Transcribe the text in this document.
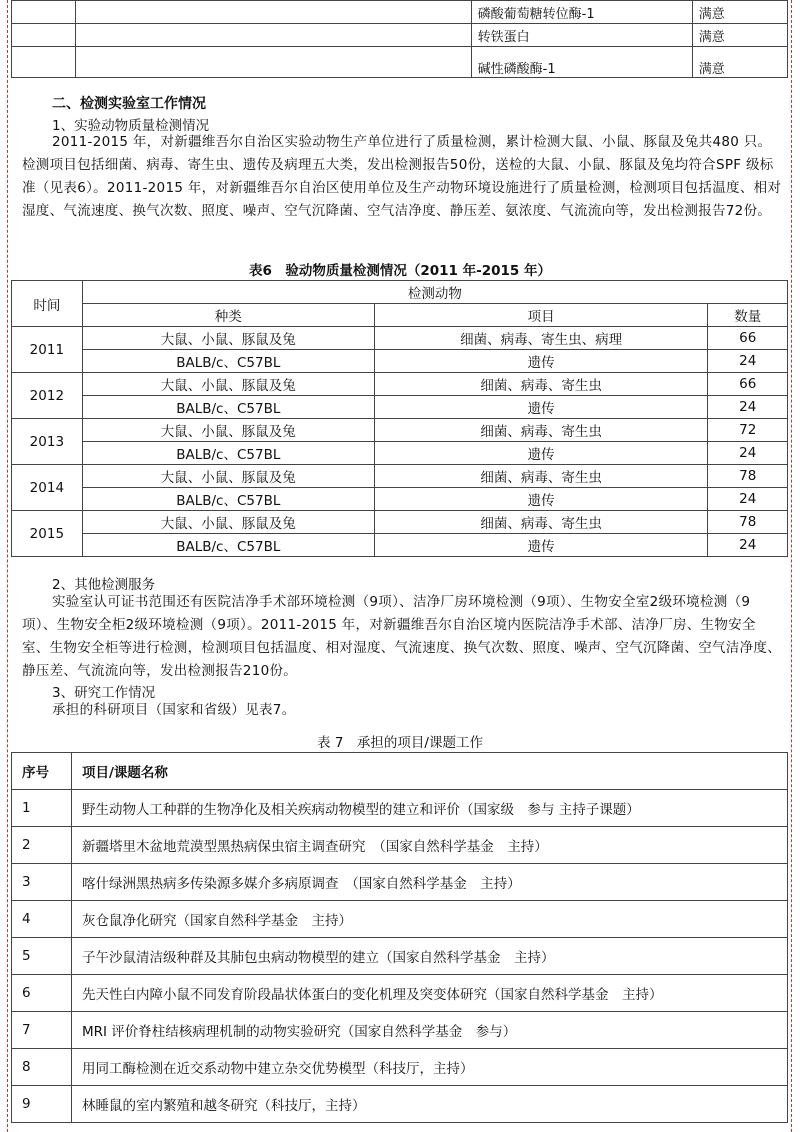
		磷酸葡萄糖转位酶-1	满意
		转铁蛋白	满意
		碱性磷酸酶-1	满意
二、检测实验室工作情况
1、实验动物质量检测情况
2011-2015 年，对新疆维吾尔自治区实验动物生产单位进行了质量检测，累计检测大鼠、小鼠、豚鼠及兔共480 只。检测项目包括细菌、病毒、寄生虫、遗传及病理五大类，发出检测报告50份，送检的大鼠、小鼠、豚鼠及兔均符合SPF 级标准（见表6）。2011-2015 年，对新疆维吾尔自治区使用单位及生产动物环境设施进行了质量检测，检测项目包括温度、相对湿度、气流速度、换气次数、照度、噪声、空气沉降菌、空气洁净度、静压差、氨浓度、气流流向等，发出检测报告72份。
表6　验动物质量检测情况（2011 年-2015 年）
时间	检测动物		
	种类	项目	数量
2011	大鼠、小鼠、豚鼠及兔	细菌、病毒、寄生虫、病理	66
	BALB/c、C57BL	遗传	24
2012	大鼠、小鼠、豚鼠及兔	细菌、病毒、寄生虫	66
	BALB/c、C57BL	遗传	24
2013	大鼠、小鼠、豚鼠及兔	细菌、病毒、寄生虫	72
	BALB/c、C57BL	遗传	24
2014	大鼠、小鼠、豚鼠及兔	细菌、病毒、寄生虫	78
	BALB/c、C57BL	遗传	24
2015	大鼠、小鼠、豚鼠及兔	细菌、病毒、寄生虫	78
	BALB/c、C57BL	遗传	24
2、其他检测服务
实验室认可证书范围还有医院洁净手术部环境检测（9项）、洁净厂房环境检测（9项）、生物安全室2级环境检测（9项）、生物安全柜2级环境检测（9项）。2011-2015 年，对新疆维吾尔自治区境内医院洁净手术部、洁净厂房、生物安全室、生物安全柜等进行检测，检测项目包括温度、相对湿度、气流速度、换气次数、照度、噪声、空气沉降菌、空气洁净度、静压差、气流流向等，发出检测报告210份。
3、研究工作情况
承担的科研项目（国家和省级）见表7。
表 7　承担的项目/课题工作
序号	项目/课题名称
1	野生动物人工种群的生物净化及相关疾病动物模型的建立和评价（国家级　参与 主持子课题）
2	新疆塔里木盆地荒漠型黑热病保虫宿主调查研究　（国家自然科学基金　主持）
3	喀什绿洲黑热病多传染源多媒介多病原调查　（国家自然科学基金　主持）
4	灰仓鼠净化研究（国家自然科学基金　主持）
5	子午沙鼠清洁级种群及其肺包虫病动物模型的建立（国家自然科学基金　主持）
6	先天性白内障小鼠不同发育阶段晶状体蛋白的变化机理及突变体研究（国家自然科学基金　主持）
7	MRI 评价脊柱结核病理机制的动物实验研究（国家自然科学基金　参与）
8	用同工酶检测在近交系动物中建立杂交优势模型（科技厅，主持）
9	林睡鼠的室内繁殖和越冬研究（科技厅，主持）
